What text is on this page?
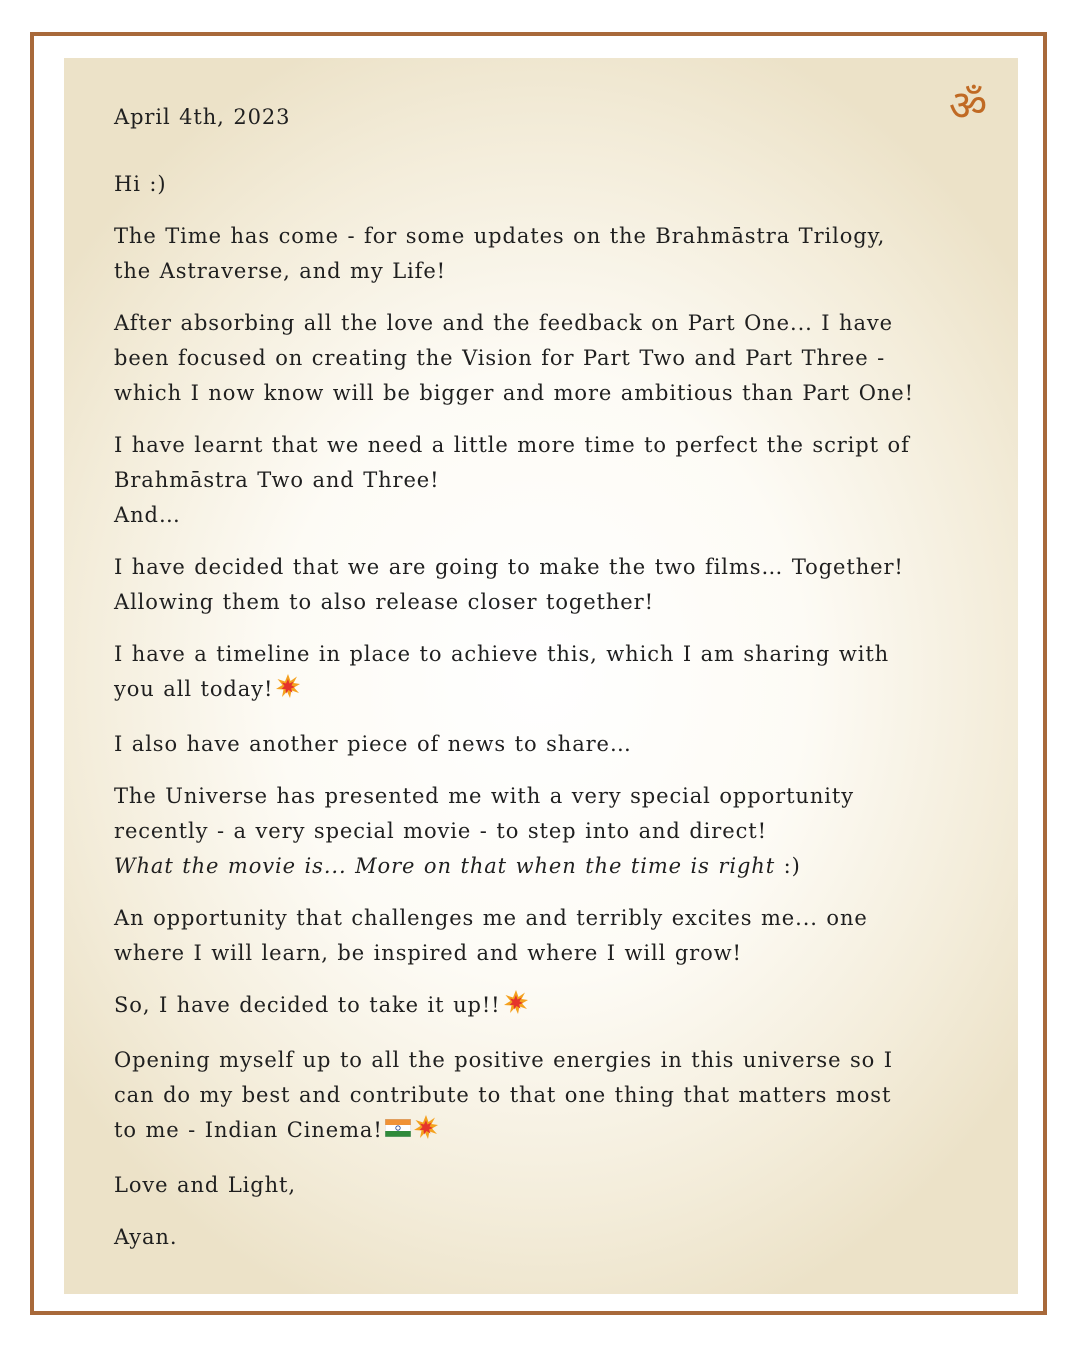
ॐ

April 4th, 2023

Hi :)

The Time has come - for some updates on the Brahmāstra Trilogy,
the Astraverse, and my Life!

After absorbing all the love and the feedback on Part One... I have
been focused on creating the Vision for Part Two and Part Three -
which I now know will be bigger and more ambitious than Part One!

I have learnt that we need a little more time to perfect the script of
Brahmāstra Two and Three!
And…

I have decided that we are going to make the two films… Together!
Allowing them to also release closer together!

I have a timeline in place to achieve this, which I am sharing with
you all today!

I also have another piece of news to share…

The Universe has presented me with a very special opportunity
recently - a very special movie - to step into and direct!
What the movie is... More on that when the time is right :)

An opportunity that challenges me and terribly excites me... one
where I will learn, be inspired and where I will grow!

So, I have decided to take it up!!

Opening myself up to all the positive energies in this universe so I
can do my best and contribute to that one thing that matters most
to me - Indian Cinema!

Love and Light,

Ayan.
